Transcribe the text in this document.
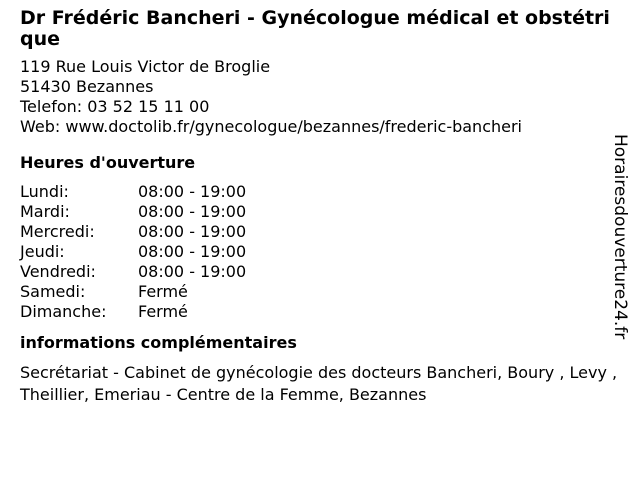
Dr Frédéric Bancheri - Gynécologue médical et obstétrique
119 Rue Louis Victor de Broglie
51430 Bezannes
Telefon: 03 52 15 11 00
Web: www.doctolib.fr/gynecologue/bezannes/frederic-bancheri
Heures d'ouverture
Lundi:	08:00 - 19:00
Mardi:	08:00 - 19:00
Mercredi:	08:00 - 19:00
Jeudi:	08:00 - 19:00
Vendredi:	08:00 - 19:00
Samedi:	Fermé
Dimanche:	Fermé
informations complémentaires
Secrétariat - Cabinet de gynécologie des docteurs Bancheri, Boury , Levy , Theillier, Emeriau - Centre de la Femme, Bezannes
Horairesdouverture24.fr
